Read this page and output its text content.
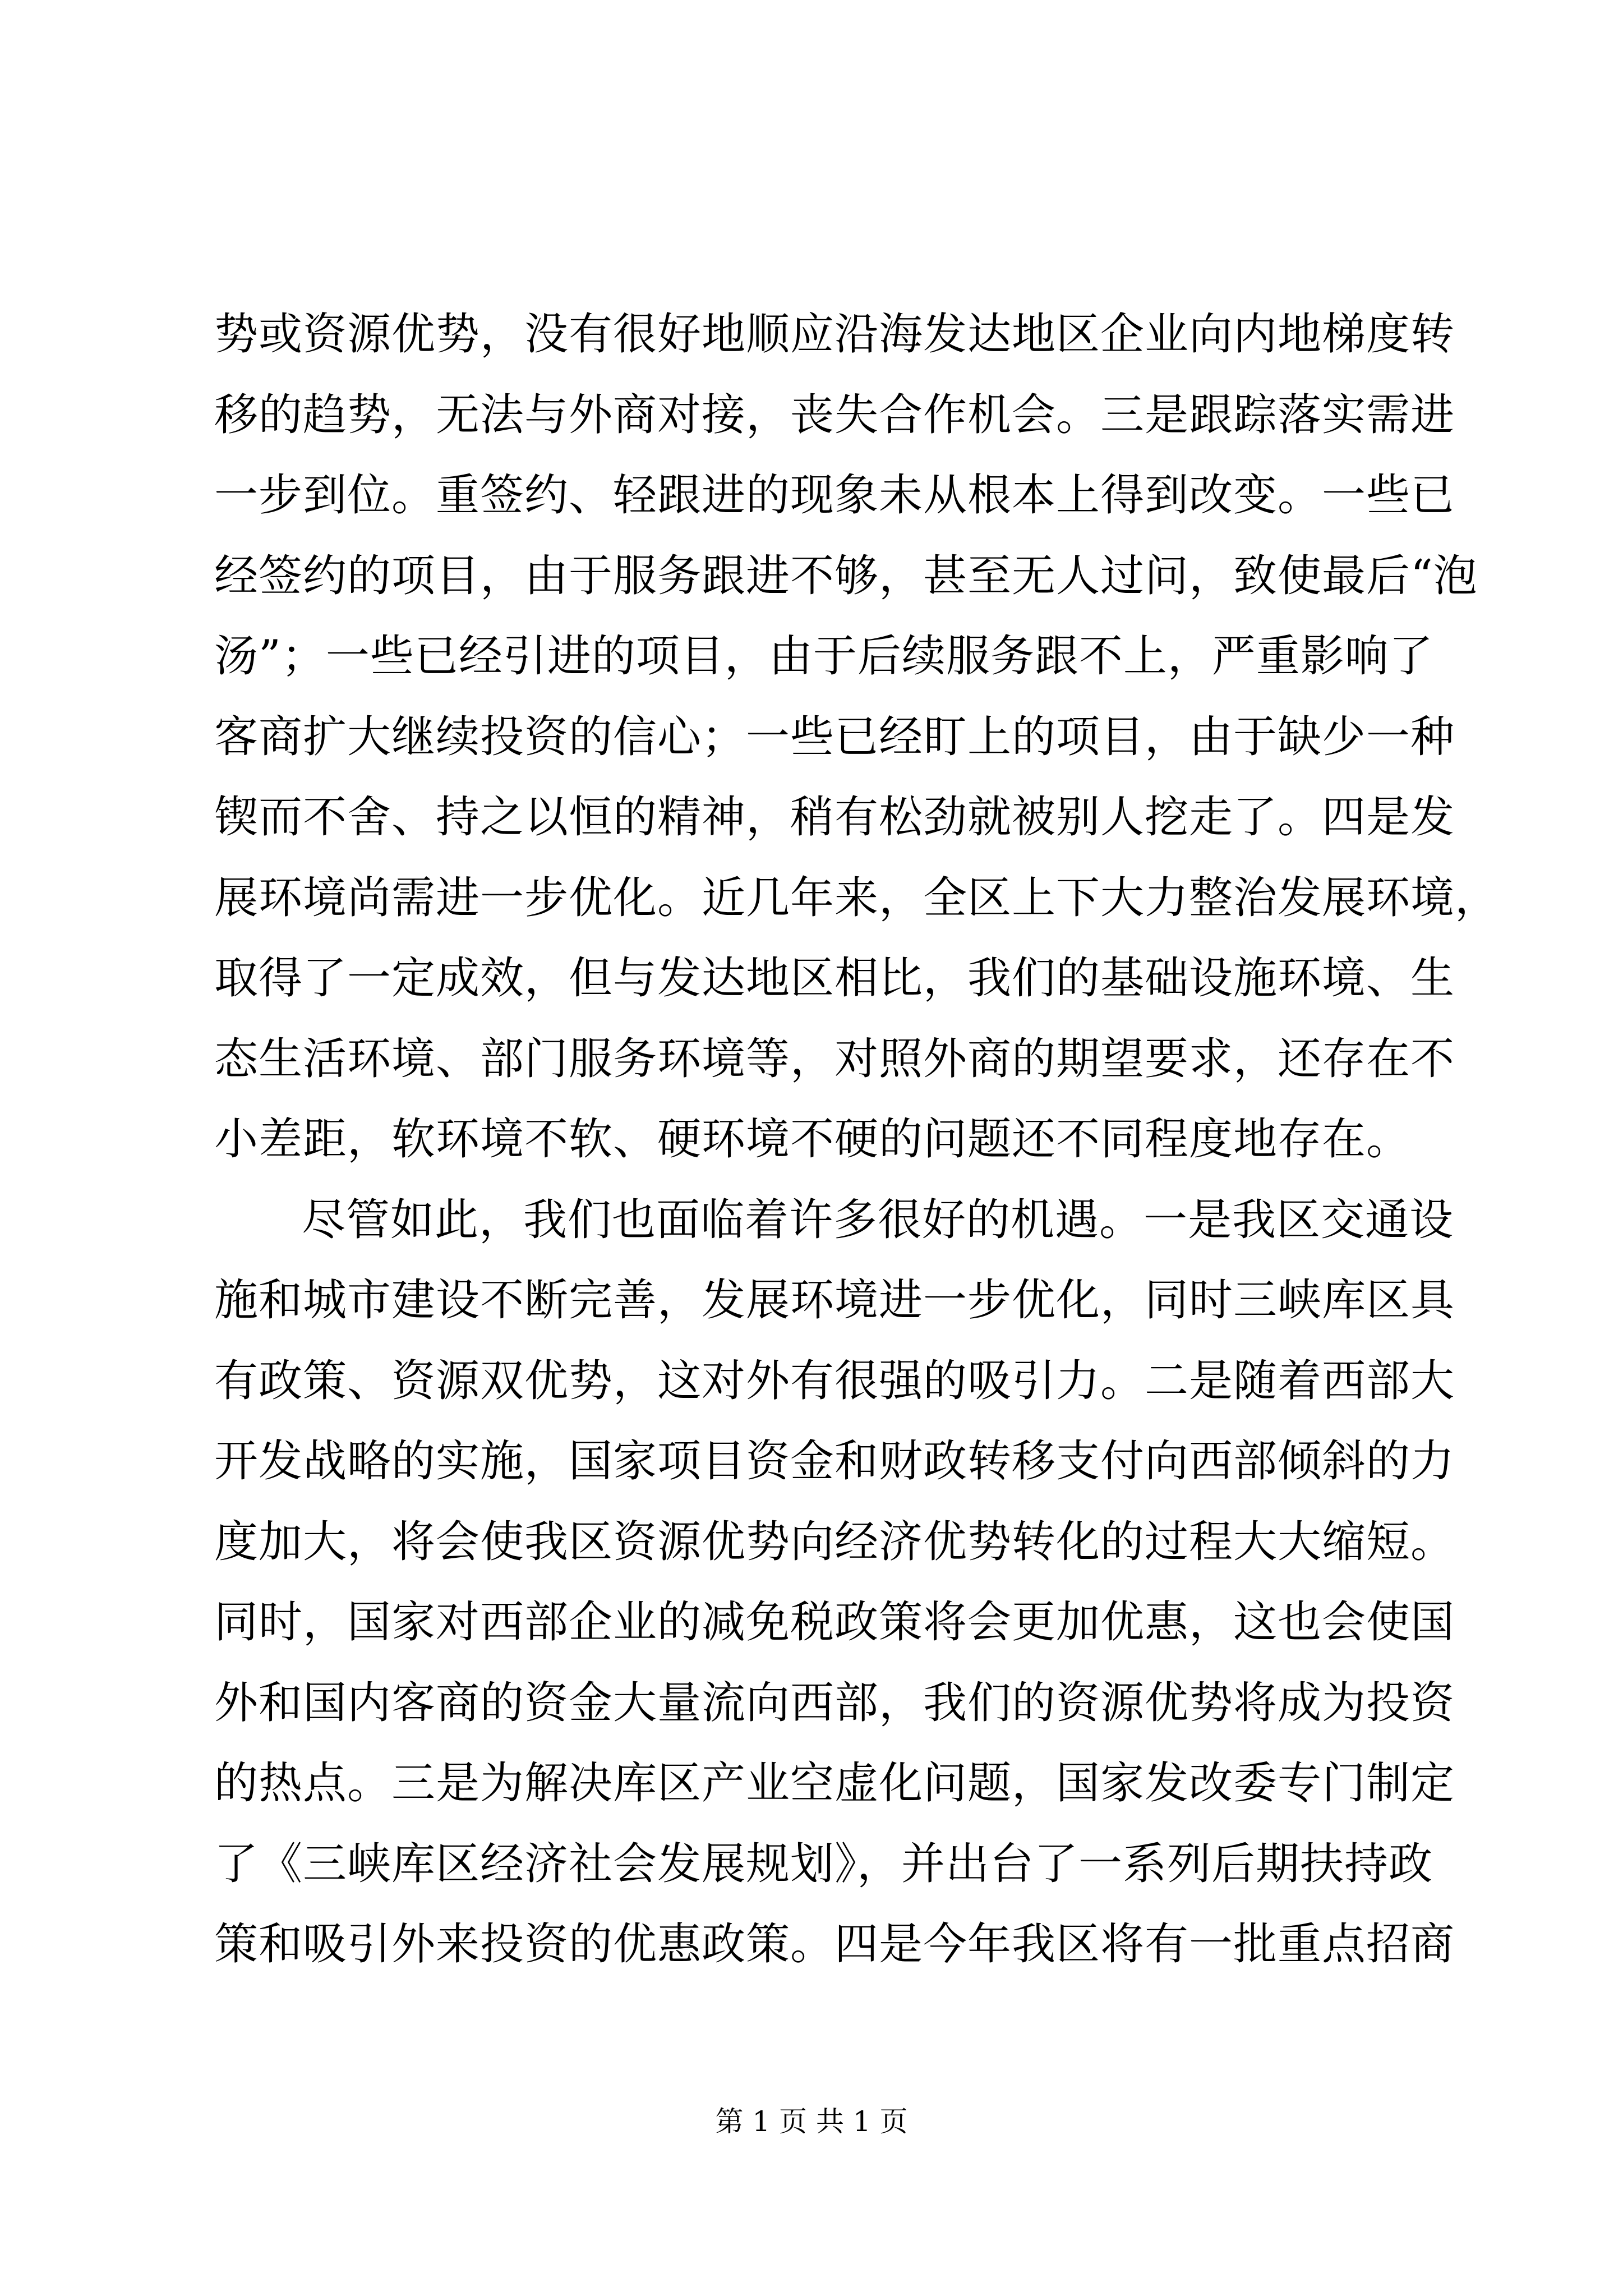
势或资源优势，没有很好地顺应沿海发达地区企业向内地梯度转
移的趋势，无法与外商对接，丧失合作机会。三是跟踪落实需进
一步到位。重签约、轻跟进的现象未从根本上得到改变。一些已
经签约的项目，由于服务跟进不够，甚至无人过问，致使最后“泡
汤”；一些已经引进的项目，由于后续服务跟不上，严重影响了
客商扩大继续投资的信心；一些已经盯上的项目，由于缺少一种
锲而不舍、持之以恒的精神，稍有松劲就被别人挖走了。四是发
展环境尚需进一步优化。近几年来，全区上下大力整治发展环境，
取得了一定成效，但与发达地区相比，我们的基础设施环境、生
态生活环境、部门服务环境等，对照外商的期望要求，还存在不
小差距，软环境不软、硬环境不硬的问题还不同程度地存在。
尽管如此，我们也面临着许多很好的机遇。一是我区交通设
施和城市建设不断完善，发展环境进一步优化，同时三峡库区具
有政策、资源双优势，这对外有很强的吸引力。二是随着西部大
开发战略的实施，国家项目资金和财政转移支付向西部倾斜的力
度加大，将会使我区资源优势向经济优势转化的过程大大缩短。
同时，国家对西部企业的减免税政策将会更加优惠，这也会使国
外和国内客商的资金大量流向西部，我们的资源优势将成为投资
的热点。三是为解决库区产业空虚化问题，国家发改委专门制定
了《三峡库区经济社会发展规划》，并出台了一系列后期扶持政
策和吸引外来投资的优惠政策。四是今年我区将有一批重点招商
第 1 页 共 1 页
